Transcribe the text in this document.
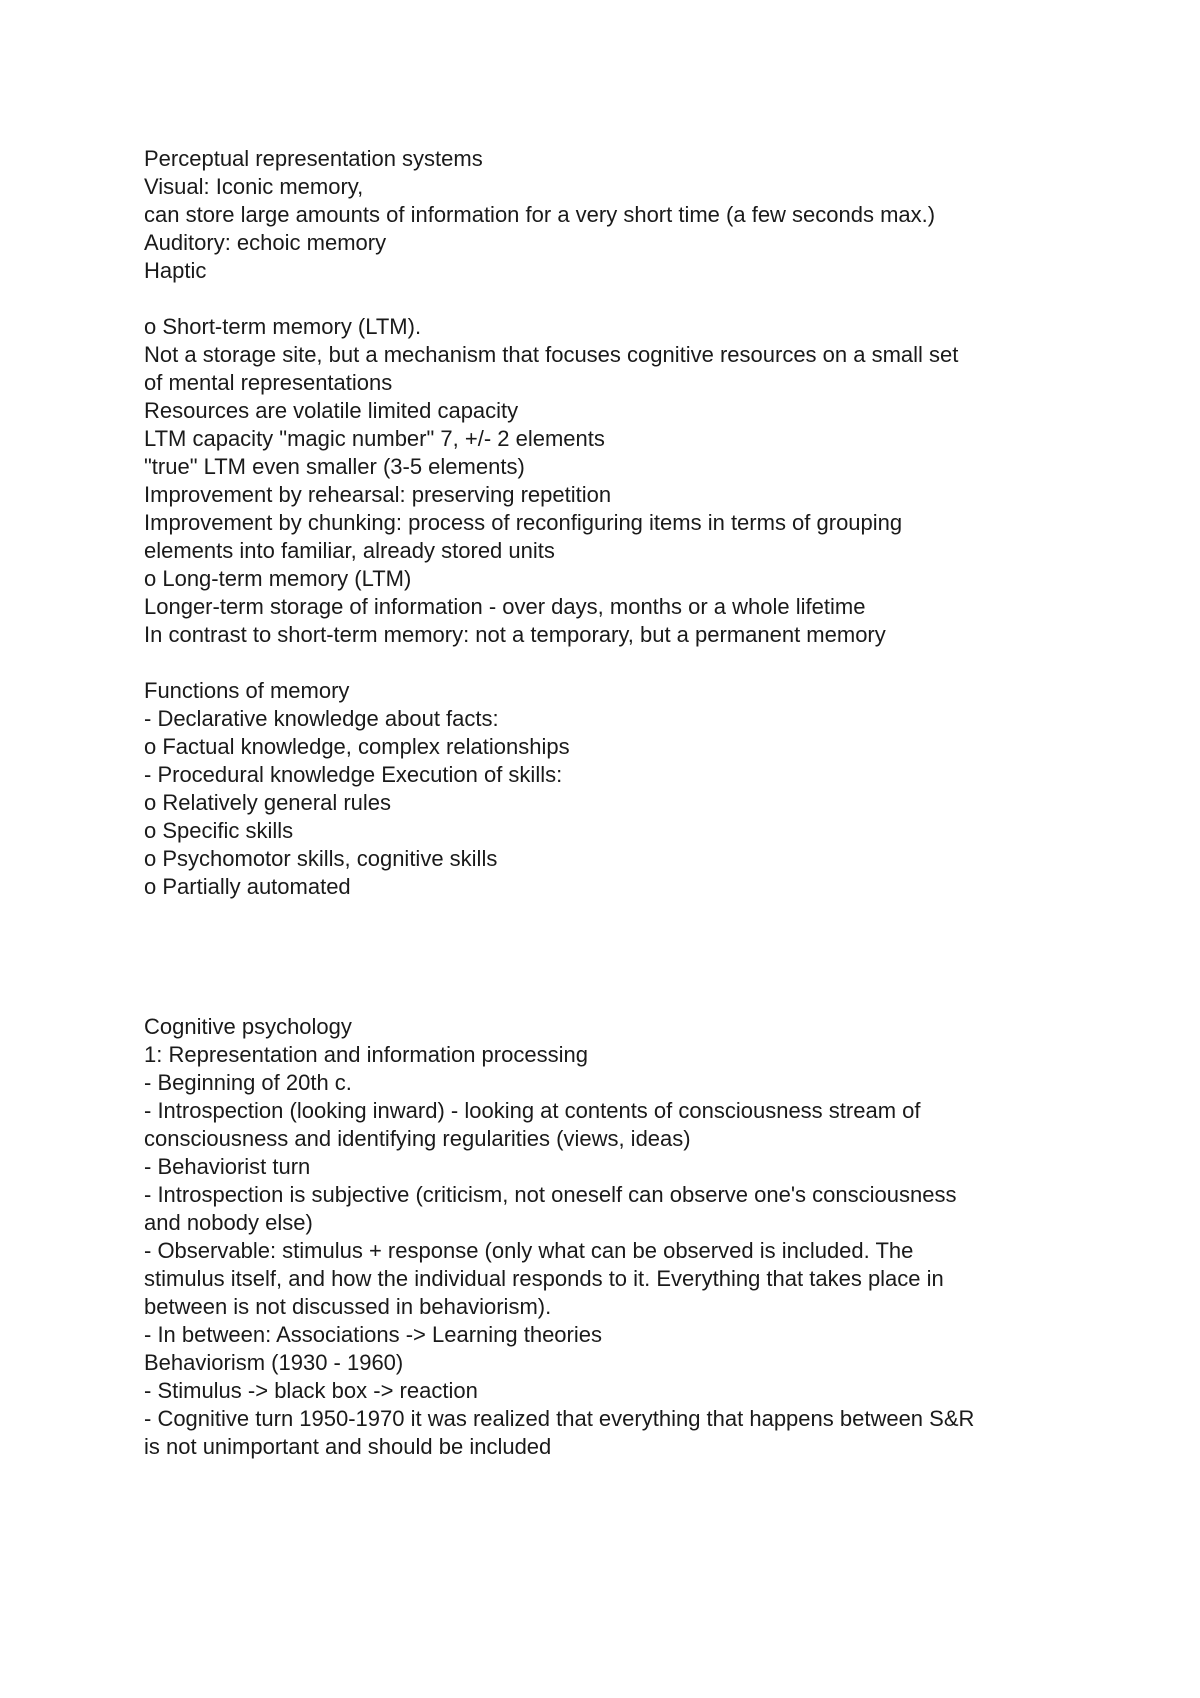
Perceptual representation systems
Visual: Iconic memory,
can store large amounts of information for a very short time (a few seconds max.)
Auditory: echoic memory
Haptic
o Short-term memory (LTM).
Not a storage site, but a mechanism that focuses cognitive resources on a small set
of mental representations
Resources are volatile limited capacity
LTM capacity "magic number" 7, +/- 2 elements
"true" LTM even smaller (3-5 elements)
Improvement by rehearsal: preserving repetition
Improvement by chunking: process of reconfiguring items in terms of grouping
elements into familiar, already stored units
o Long-term memory (LTM)
Longer-term storage of information - over days, months or a whole lifetime
In contrast to short-term memory: not a temporary, but a permanent memory
Functions of memory
- Declarative knowledge about facts:
o Factual knowledge, complex relationships
- Procedural knowledge Execution of skills:
o Relatively general rules
o Specific skills
o Psychomotor skills, cognitive skills
o Partially automated
Cognitive psychology
1: Representation and information processing
- Beginning of 20th c.
- Introspection (looking inward) - looking at contents of consciousness stream of
consciousness and identifying regularities (views, ideas)
- Behaviorist turn
- Introspection is subjective (criticism, not oneself can observe one's consciousness
and nobody else)
- Observable: stimulus + response (only what can be observed is included. The
stimulus itself, and how the individual responds to it. Everything that takes place in
between is not discussed in behaviorism).
- In between: Associations -> Learning theories
Behaviorism (1930 - 1960)
- Stimulus -> black box -> reaction
- Cognitive turn 1950-1970 it was realized that everything that happens between S&R
is not unimportant and should be included
